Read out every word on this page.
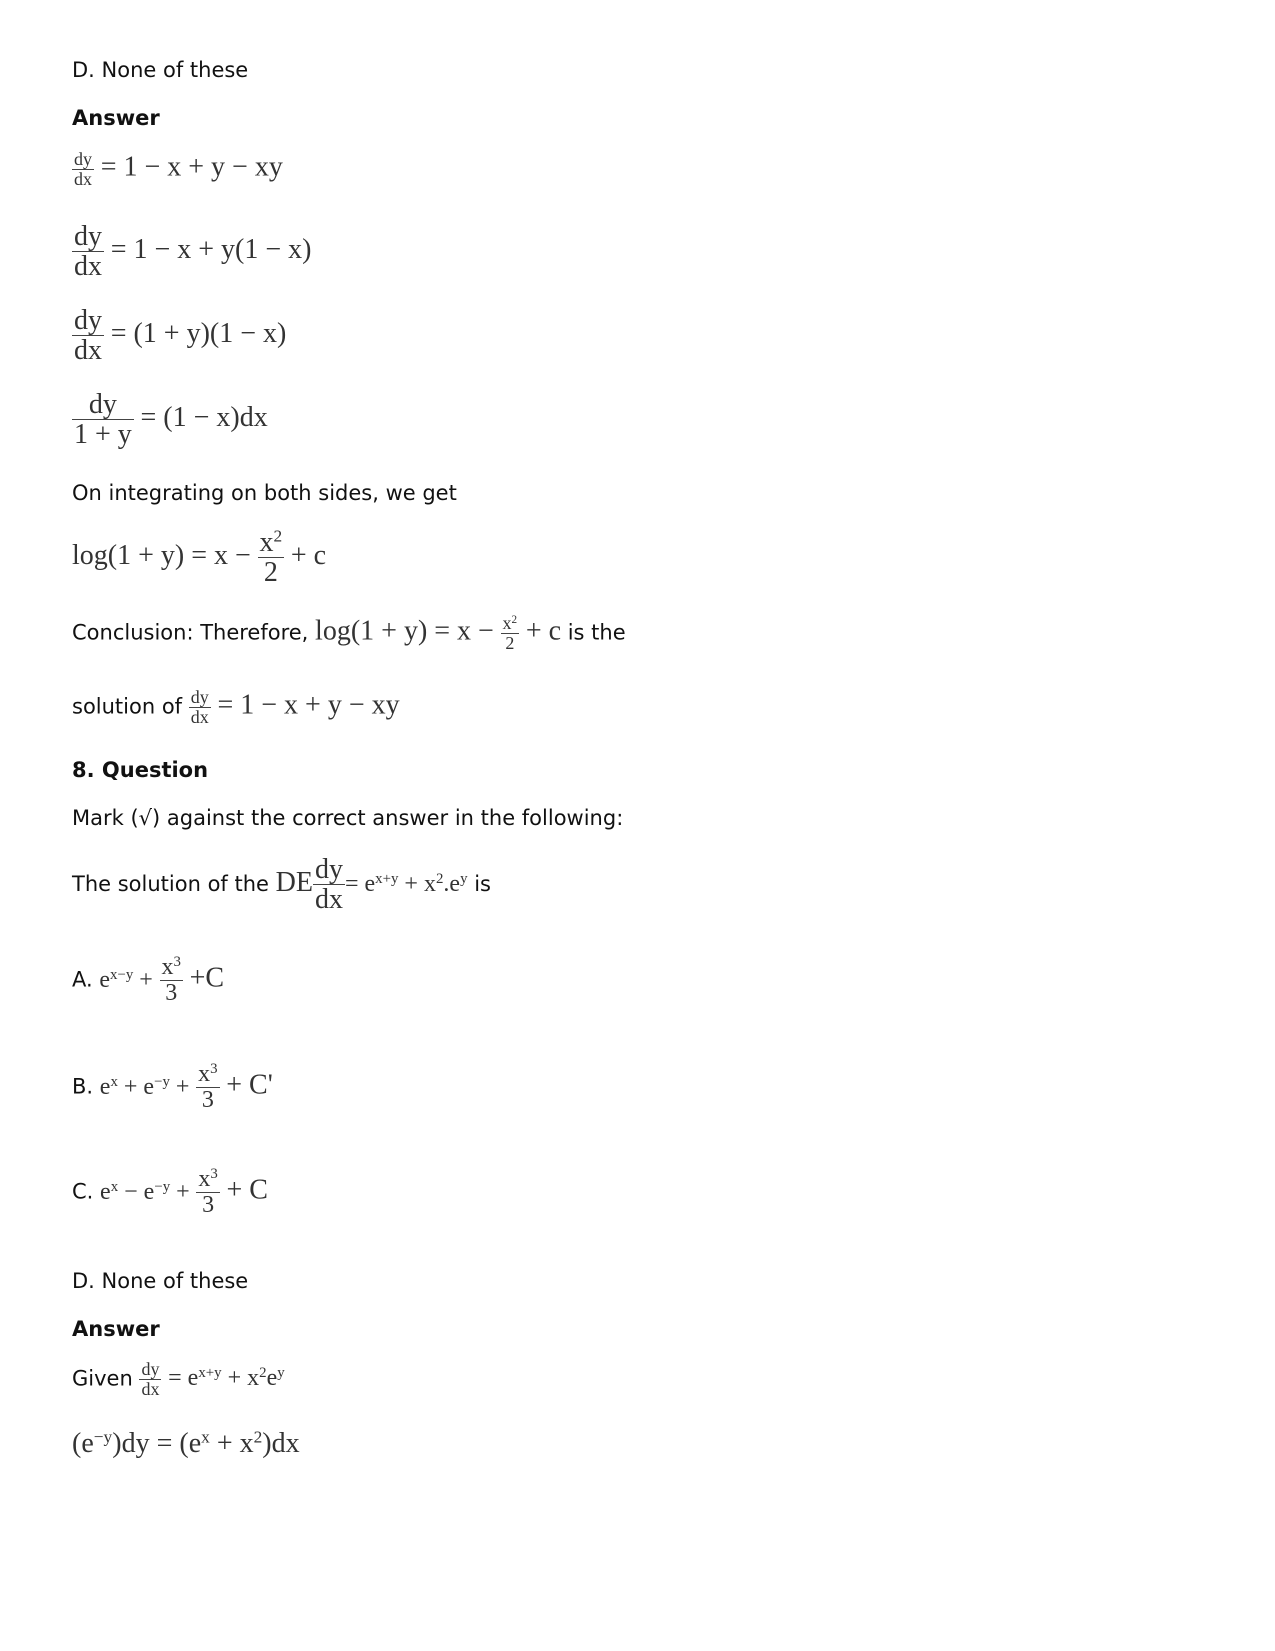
D. None of these
Answer
$\frac{dy}{dx} = 1 - x + y$ − xy
$\frac{dy}{dx} = 1 - x + y(1 - x)$
$\frac{dy}{dx} = (1 + y)(1 - x)$
$\frac{dy}{1 + y} = (1 - x)dx$
On integrating on both sides, we get
$\log(1 + y) = x - \frac{x^2}{2} + c$
Conclusion: Therefore, $\log(1 + y) = x - \frac{x^2}{2} + c$ is the
solution of $\frac{dy}{dx} = 1 - x + y$ − xy
8. Question
Mark (√) against the correct answer in the following:
The solution of the DE $\frac{dy}{dx} = e^{x+y} + x^2.e^y$ is
A. $e^{x-y} + \frac{x^3}{3} +C$
B. $e^x + e^{-y} + \frac{x^3}{3} + C'$
C. $e^x - e^{-y} + \frac{x^3}{3} + C$
D. None of these
Answer
Given $\frac{dy}{dx} = e^{x+y} + x^2e^y$
$(e^{-y})dy = (e^x + x^2)dx$
